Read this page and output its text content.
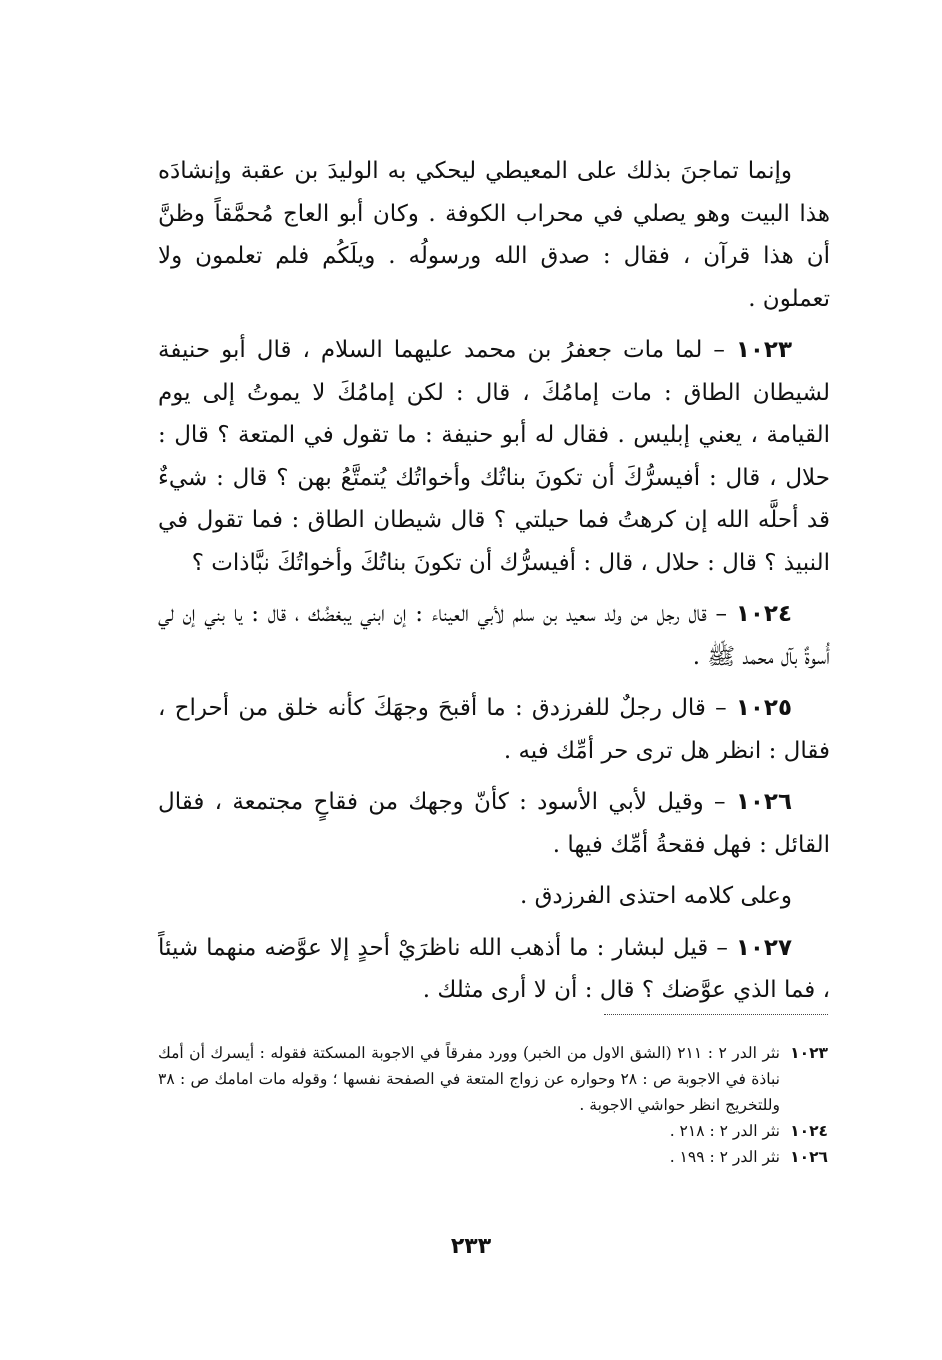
وإنما تماجنَ بذلك على المعيطي ليحكي به الوليدَ بن عقبة وإنشادَه هذا البيت وهو يصلي في محراب الكوفة . وكان أبو العاج مُحمَّقاً وظنَّ أن هذا قرآن ، فقال : صدق الله ورسولُه . ويلَكُم فلم تعلمون ولا تعملون .

١٠٢٣ – لما مات جعفرُ بن محمد عليهما السلام ، قال أبو حنيفة لشيطان الطاق : مات إمامُكَ ، قال : لكن إمامُكَ لا يموتُ إلى يوم القيامة ، يعني إبليس . فقال له أبو حنيفة : ما تقول في المتعة ؟ قال : حلال ، قال : أفيسرُّكَ أن تكونَ بناتُك وأخواتُك يُتمتَّعُ بهن ؟ قال : شيءٌ قد أحلَّه الله إن كرهتُ فما حيلتي ؟ قال شيطان الطاق : فما تقول في النبيذ ؟ قال : حلال ، قال : أفيسرُّك أن تكونَ بناتُكَ وأخواتُكَ نبَّاذات ؟

١٠٢٤ – قال رجل من ولد سعيد بن سلم لأبي العيناء : إن ابني يبغضُك ، قال : يا بني إن لي أُسوةٌ بآل محمد ﷺ .

١٠٢٥ – قال رجلٌ للفرزدق : ما أقبحَ وجهَكَ كأنه خلق من أحراح ، فقال : انظر هل ترى حر أمِّك فيه .

١٠٢٦ – وقيل لأبي الأسود : كأنّ وجهك من فقاحٍ مجتمعة ، فقال القائل : فهل فقحةُ أمِّك فيها .

وعلى كلامه احتذى الفرزدق .

١٠٢٧ – قيل لبشار : ما أذهب الله ناظرَيْ أحدٍ إلا عوَّضه منهما شيئاً ، فما الذي عوَّضك ؟ قال : أن لا أرى مثلك .

١٠٢٣
نثر الدر ٢ : ٢١١ (الشق الاول من الخبر) وورد مفرقاً في الاجوبة المسكتة فقوله : أيسرك أن أمك نباذة في الاجوبة ص : ٢٨ وحواره عن زواج المتعة في الصفحة نفسها ؛ وقوله مات امامك ص : ٣٨ وللتخريج انظر حواشي الاجوبة .
١٠٢٤
نثر الدر ٢ : ٢١٨ .
١٠٢٦
نثر الدر ٢ : ١٩٩ .
٢٣٣
